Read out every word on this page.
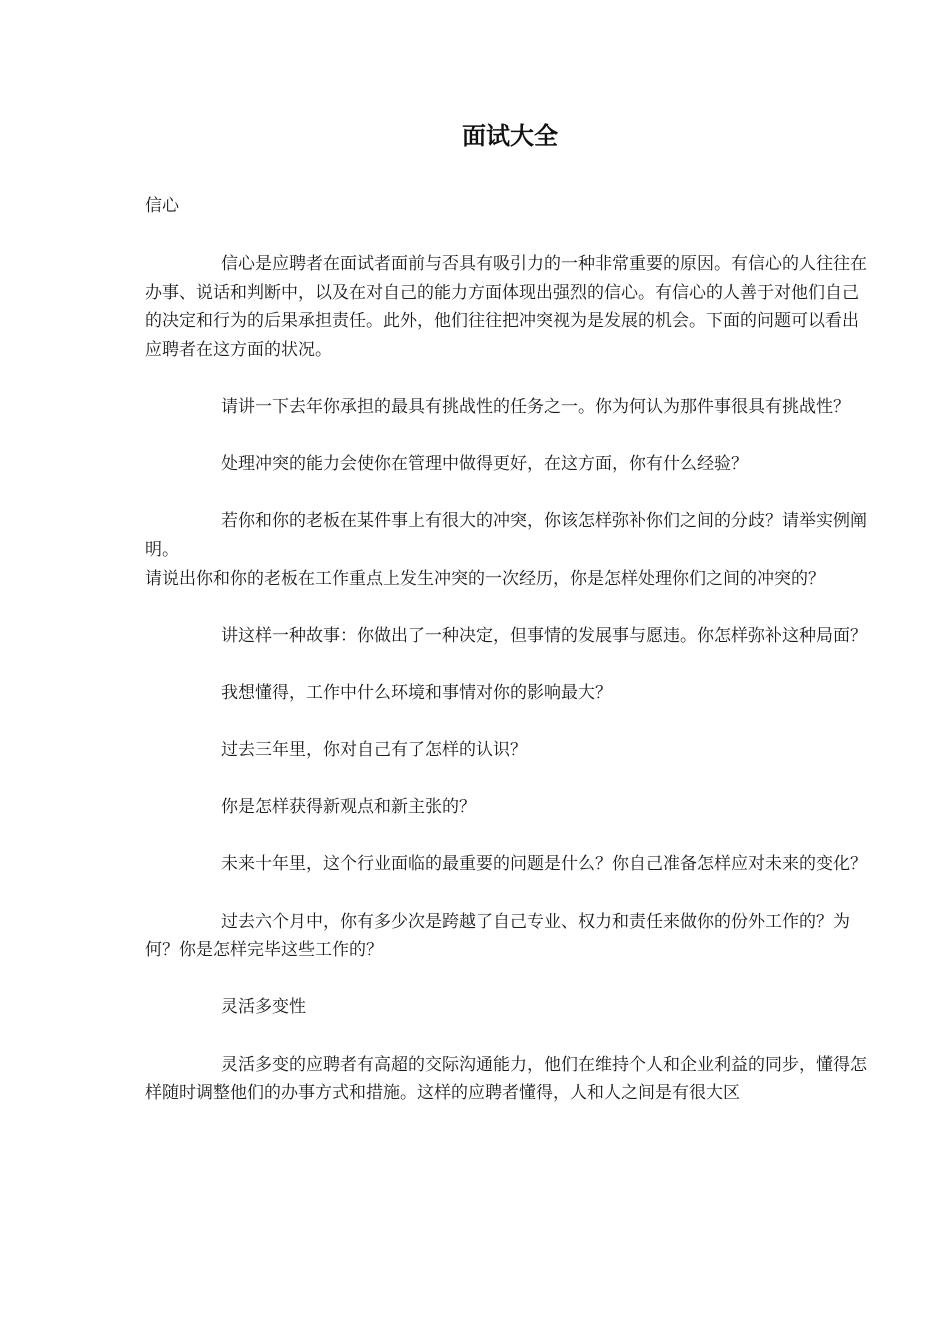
面试大全
信心

信心是应聘者在面试者面前与否具有吸引力的一种非常重要的原因。有信心的人往往在办事、说话和判断中，以及在对自己的能力方面体现出强烈的信心。有信心的人善于对他们自己的决定和行为的后果承担责任。此外，他们往往把冲突视为是发展的机会。下面的问题可以看出应聘者在这方面的状况。

请讲一下去年你承担的最具有挑战性的任务之一。你为何认为那件事很具有挑战性？

处理冲突的能力会使你在管理中做得更好，在这方面，你有什么经验？

若你和你的老板在某件事上有很大的冲突，你该怎样弥补你们之间的分歧？请举实例阐明。

请说出你和你的老板在工作重点上发生冲突的一次经历，你是怎样处理你们之间的冲突的？

讲这样一种故事：你做出了一种决定，但事情的发展事与愿违。你怎样弥补这种局面？

我想懂得，工作中什么环境和事情对你的影响最大？

过去三年里，你对自己有了怎样的认识？

你是怎样获得新观点和新主张的？

未来十年里，这个行业面临的最重要的问题是什么？你自己准备怎样应对未来的变化？

过去六个月中，你有多少次是跨越了自己专业、权力和责任来做你的份外工作的？为何？你是怎样完毕这些工作的？

灵活多变性

灵活多变的应聘者有高超的交际沟通能力，他们在维持个人和企业利益的同步，懂得怎样随时调整他们的办事方式和措施。这样的应聘者懂得，人和人之间是有很大区
